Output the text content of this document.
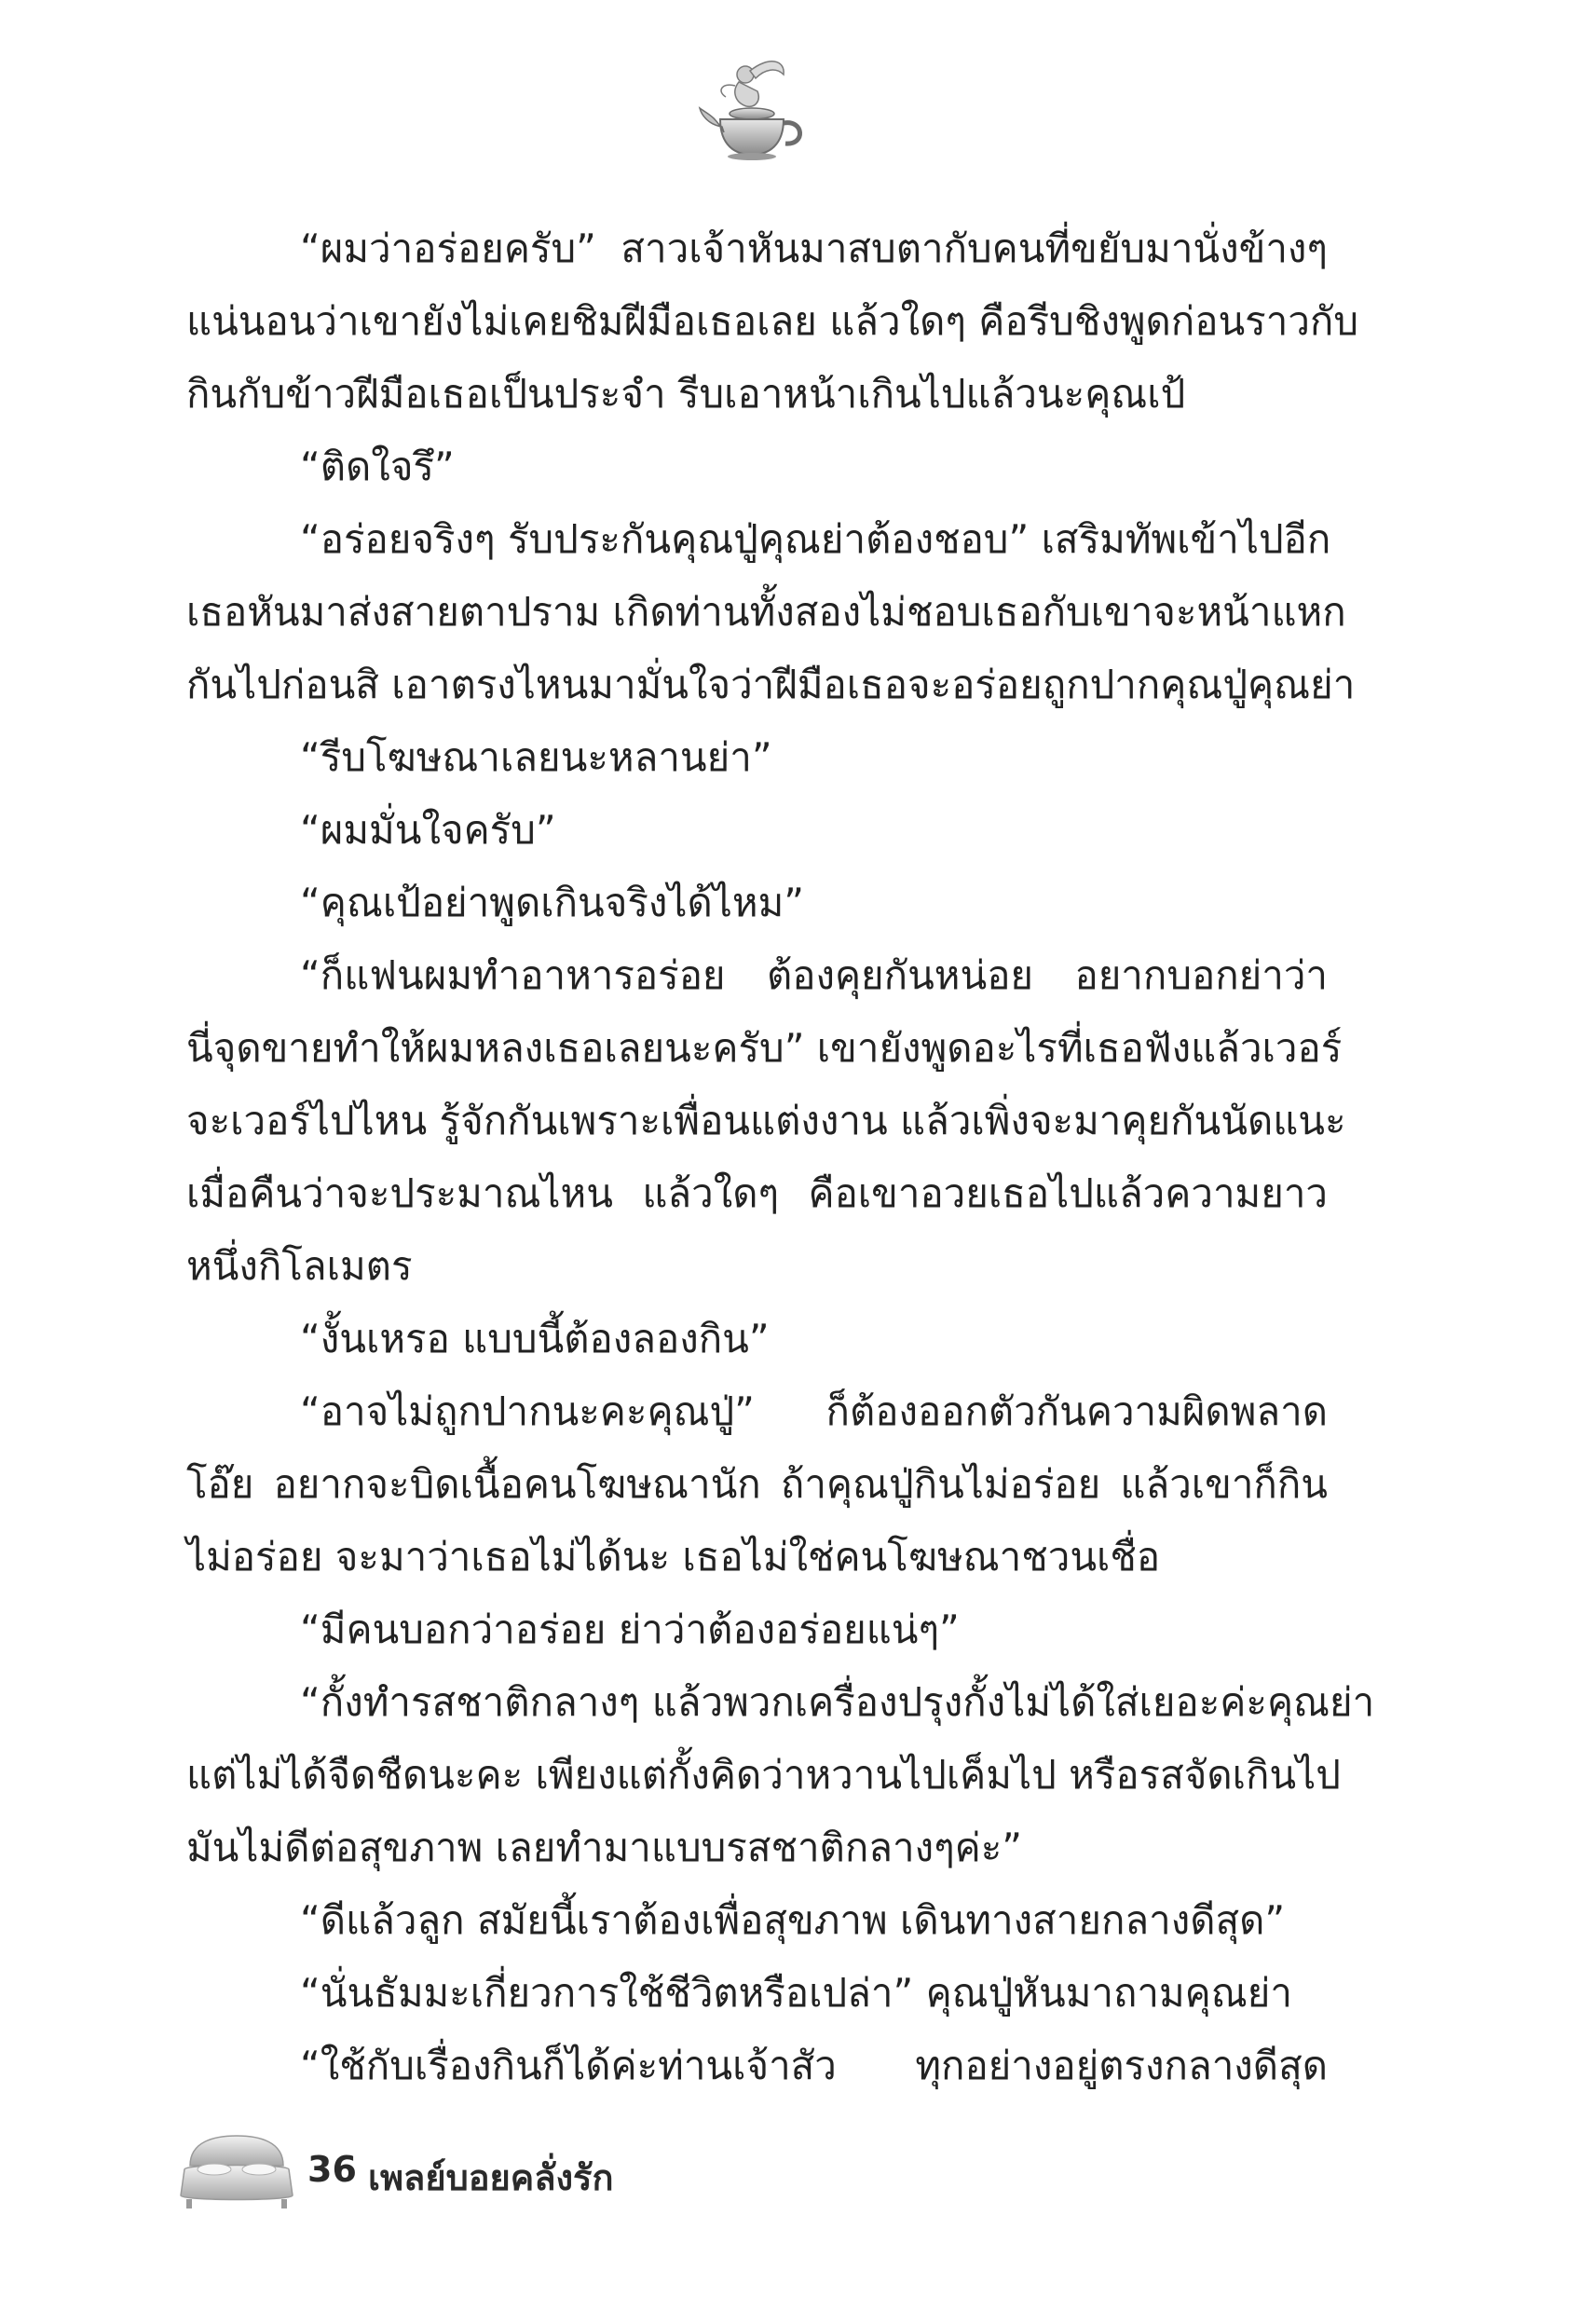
“ผมว่าอร่อยครับ” สาวเจ้าหันมาสบตากับคนที่ขยับมานั่งข้างๆ
แน่นอนว่าเขายังไม่เคยชิมฝีมือเธอเลย แล้วใดๆ คือรีบชิงพูดก่อนราวกับ
กินกับข้าวฝีมือเธอเป็นประจำ รีบเอาหน้าเกินไปแล้วนะคุณเป้
“ติดใจรึ”
“อร่อยจริงๆ รับประกันคุณปู่คุณย่าต้องชอบ” เสริมทัพเข้าไปอีก
เธอหันมาส่งสายตาปราม เกิดท่านทั้งสองไม่ชอบเธอกับเขาจะหน้าแหก
กันไปก่อนสิ เอาตรงไหนมามั่นใจว่าฝีมือเธอจะอร่อยถูกปากคุณปู่คุณย่า
“รีบโฆษณาเลยนะหลานย่า”
“ผมมั่นใจครับ”
“คุณเป้อย่าพูดเกินจริงได้ไหม”
“ก็แฟนผมทำอาหารอร่อย ต้องคุยกันหน่อย อยากบอกย่าว่า
นี่จุดขายทำให้ผมหลงเธอเลยนะครับ” เขายังพูดอะไรที่เธอฟังแล้วเวอร์
จะเวอร์ไปไหน รู้จักกันเพราะเพื่อนแต่งงาน แล้วเพิ่งจะมาคุยกันนัดแนะ
เมื่อคืนว่าจะประมาณไหน แล้วใดๆ คือเขาอวยเธอไปแล้วความยาว
หนึ่งกิโลเมตร
“งั้นเหรอ แบบนี้ต้องลองกิน”
“อาจไม่ถูกปากนะคะคุณปู่” ก็ต้องออกตัวกันความผิดพลาด
โอ๊ย อยากจะบิดเนื้อคนโฆษณานัก ถ้าคุณปู่กินไม่อร่อย แล้วเขาก็กิน
ไม่อร่อย จะมาว่าเธอไม่ได้นะ เธอไม่ใช่คนโฆษณาชวนเชื่อ
“มีคนบอกว่าอร่อย ย่าว่าต้องอร่อยแน่ๆ”
“กั้งทำรสชาติกลางๆ แล้วพวกเครื่องปรุงกั้งไม่ได้ใส่เยอะค่ะคุณย่า
แต่ไม่ได้จืดชืดนะคะ เพียงแต่กั้งคิดว่าหวานไปเค็มไป หรือรสจัดเกินไป
มันไม่ดีต่อสุขภาพ เลยทำมาแบบรสชาติกลางๆค่ะ”
“ดีแล้วลูก สมัยนี้เราต้องเพื่อสุขภาพ เดินทางสายกลางดีสุด”
“นั่นธัมมะเกี่ยวการใช้ชีวิตหรือเปล่า” คุณปู่หันมาถามคุณย่า
“ใช้กับเรื่องกินก็ได้ค่ะท่านเจ้าสัว ทุกอย่างอยู่ตรงกลางดีสุด
36 เพลย์บอยคลั่งรัก
